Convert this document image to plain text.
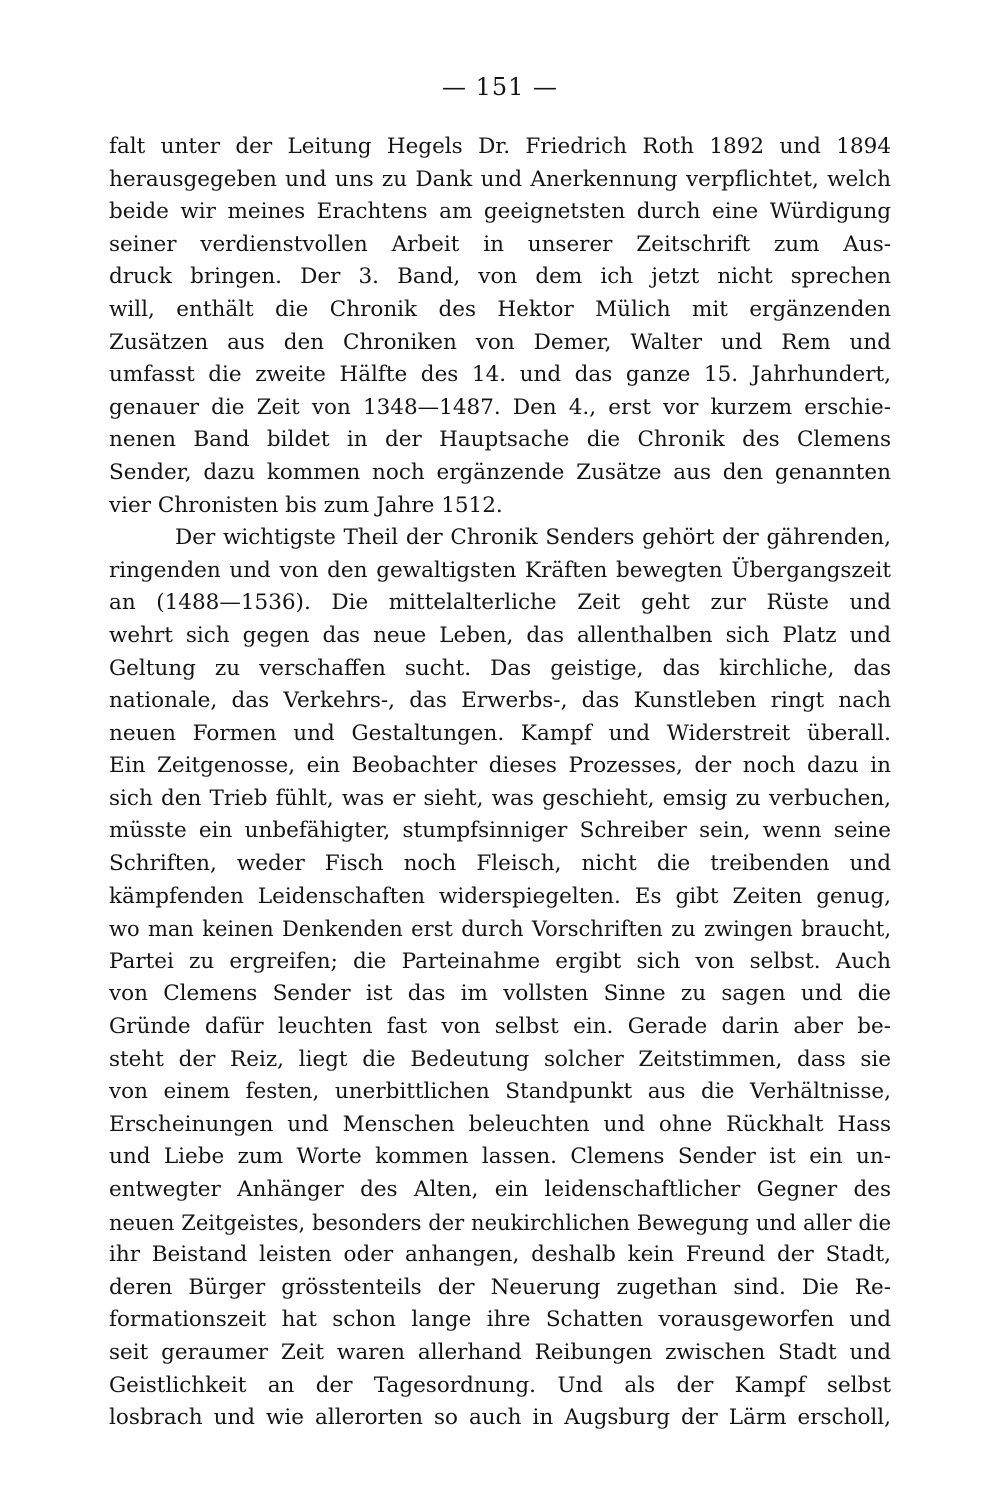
— 151 —
falt unter der Leitung Hegels Dr. Friedrich Roth 1892 und 1894
herausgegeben und uns zu Dank und Anerkennung verpflichtet, welch
beide wir meines Erachtens am geeignetsten durch eine Würdigung
seiner verdienstvollen Arbeit in unserer Zeitschrift zum Aus-
druck bringen. Der 3. Band, von dem ich jetzt nicht sprechen
will, enthält die Chronik des Hektor Mülich mit ergänzenden
Zusätzen aus den Chroniken von Demer, Walter und Rem und
umfasst die zweite Hälfte des 14. und das ganze 15. Jahrhundert,
genauer die Zeit von 1348—1487. Den 4., erst vor kurzem erschie-
nenen Band bildet in der Hauptsache die Chronik des Clemens
Sender, dazu kommen noch ergänzende Zusätze aus den genannten
vier Chronisten bis zum Jahre 1512.
Der wichtigste Theil der Chronik Senders gehört der gährenden,
ringenden und von den gewaltigsten Kräften bewegten Übergangszeit
an (1488—1536). Die mittelalterliche Zeit geht zur Rüste und
wehrt sich gegen das neue Leben, das allenthalben sich Platz und
Geltung zu verschaffen sucht. Das geistige, das kirchliche, das
nationale, das Verkehrs-, das Erwerbs-, das Kunstleben ringt nach
neuen Formen und Gestaltungen. Kampf und Widerstreit überall.
Ein Zeitgenosse, ein Beobachter dieses Prozesses, der noch dazu in
sich den Trieb fühlt, was er sieht, was geschieht, emsig zu verbuchen,
müsste ein unbefähigter, stumpfsinniger Schreiber sein, wenn seine
Schriften, weder Fisch noch Fleisch, nicht die treibenden und
kämpfenden Leidenschaften widerspiegelten. Es gibt Zeiten genug,
wo man keinen Denkenden erst durch Vorschriften zu zwingen braucht,
Partei zu ergreifen; die Parteinahme ergibt sich von selbst. Auch
von Clemens Sender ist das im vollsten Sinne zu sagen und die
Gründe dafür leuchten fast von selbst ein. Gerade darin aber be-
steht der Reiz, liegt die Bedeutung solcher Zeitstimmen, dass sie
von einem festen, unerbittlichen Standpunkt aus die Verhältnisse,
Erscheinungen und Menschen beleuchten und ohne Rückhalt Hass
und Liebe zum Worte kommen lassen. Clemens Sender ist ein un-
entwegter Anhänger des Alten, ein leidenschaftlicher Gegner des
neuen Zeitgeistes, besonders der neukirchlichen Bewegung und aller die
ihr Beistand leisten oder anhangen, deshalb kein Freund der Stadt,
deren Bürger grösstenteils der Neuerung zugethan sind. Die Re-
formationszeit hat schon lange ihre Schatten vorausgeworfen und
seit geraumer Zeit waren allerhand Reibungen zwischen Stadt und
Geistlichkeit an der Tagesordnung. Und als der Kampf selbst
losbrach und wie allerorten so auch in Augsburg der Lärm erscholl,
